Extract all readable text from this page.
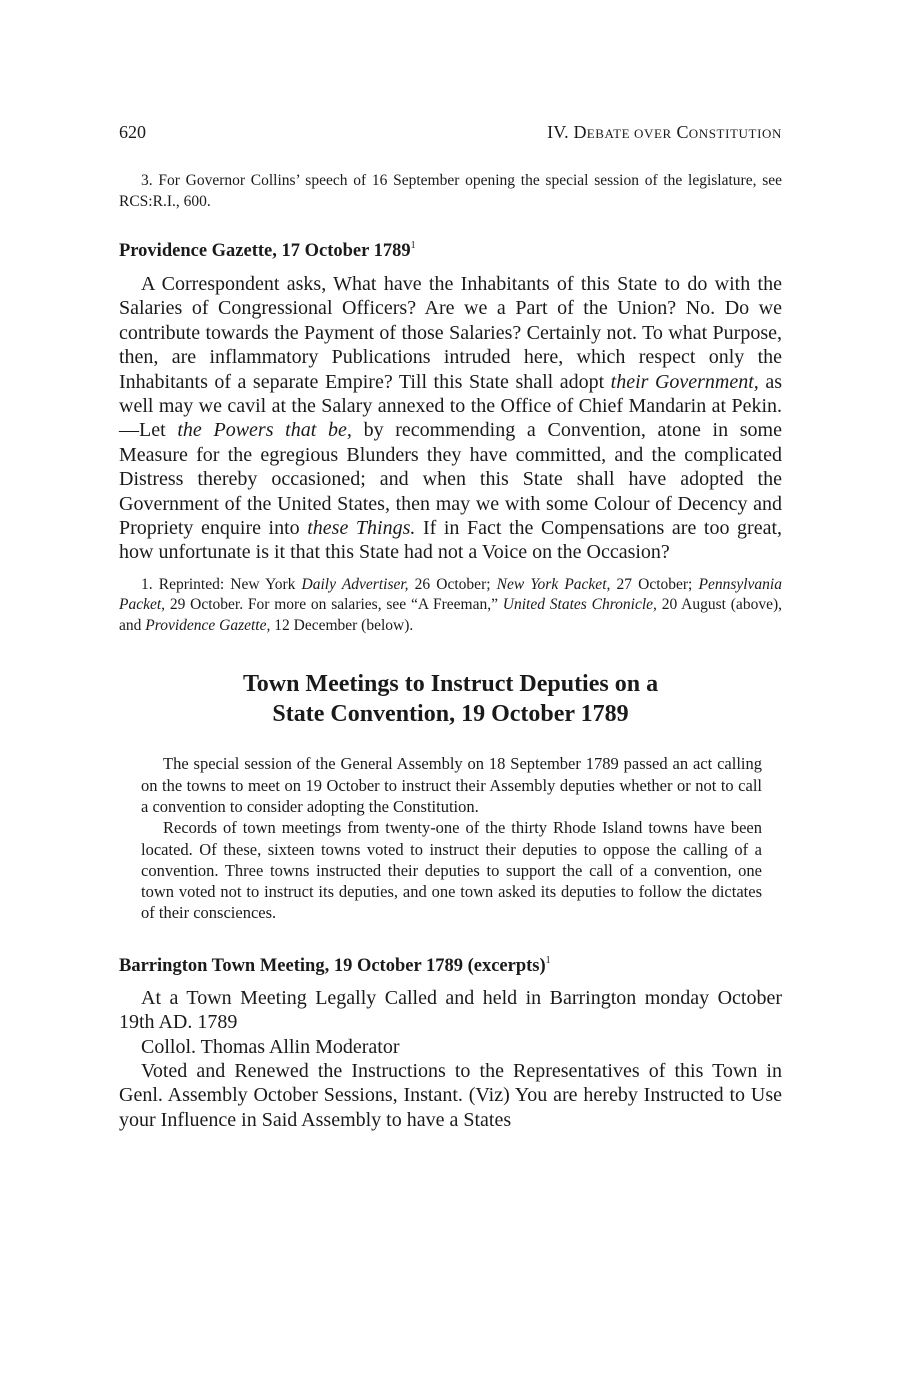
620	IV. DEBATE OVER CONSTITUTION

3. For Governor Collins’ speech of 16 September opening the special session of the legislature, see RCS:R.I., 600.

Providence Gazette, 17 October 1789$^1$

A Correspondent asks, What have the Inhabitants of this State to do with the Salaries of Congressional Officers? Are we a Part of the Union? No. Do we contribute towards the Payment of those Salaries? Certainly not. To what Purpose, then, are inflammatory Publications intruded here, which respect only the Inhabitants of a separate Empire? Till this State shall adopt their Government, as well may we cavil at the Salary annexed to the Office of Chief Mandarin at Pekin.—Let the Powers that be, by recommending a Convention, atone in some Measure for the egregious Blunders they have committed, and the complicated Distress thereby occasioned; and when this State shall have adopted the Government of the United States, then may we with some Colour of Decency and Propriety enquire into these Things. If in Fact the Compensations are too great, how unfortunate is it that this State had not a Voice on the Occasion?

1. Reprinted: New York Daily Advertiser, 26 October; New York Packet, 27 October; Pennsylvania Packet, 29 October. For more on salaries, see “A Freeman,” United States Chronicle, 20 August (above), and Providence Gazette, 12 December (below).

Town Meetings to Instruct Deputies on a
State Convention, 19 October 1789

The special session of the General Assembly on 18 September 1789 passed an act calling on the towns to meet on 19 October to instruct their Assembly deputies whether or not to call a convention to consider adopting the Constitution.

Records of town meetings from twenty-one of the thirty Rhode Island towns have been located. Of these, sixteen towns voted to instruct their deputies to oppose the calling of a convention. Three towns instructed their deputies to support the call of a convention, one town voted not to instruct its deputies, and one town asked its deputies to follow the dictates of their consciences.

Barrington Town Meeting, 19 October 1789 (excerpts)$^1$

At a Town Meeting Legally Called and held in Barrington monday October 19th AD. 1789

Collol. Thomas Allin Moderator

Voted and Renewed the Instructions to the Representatives of this Town in Genl. Assembly October Sessions, Instant. (Viz) You are hereby Instructed to Use your Influence in Said Assembly to have a States
